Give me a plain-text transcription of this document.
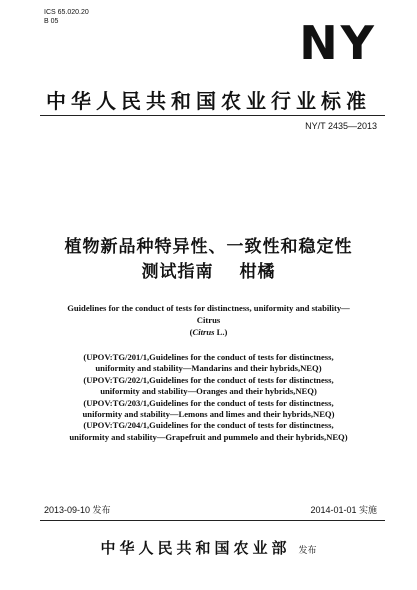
ICS 65.020.20
B 05	NY
中华人民共和国农业行业标准
NY/T 2435—2013
植物新品种特异性、一致性和稳定性
测试指南 柑橘
Guidelines for the conduct of tests for distinctness, uniformity and stability—
Citrus
(Citrus L.)
(UPOV:TG/201/1,Guidelines for the conduct of tests for distinctness,
uniformity and stability—Mandarins and their hybrids,NEQ)
(UPOV:TG/202/1,Guidelines for the conduct of tests for distinctness,
uniformity and stability—Oranges and their hybrids,NEQ)
(UPOV:TG/203/1,Guidelines for the conduct of tests for distinctness,
uniformity and stability—Lemons and limes and their hybrids,NEQ)
(UPOV:TG/204/1,Guidelines for the conduct of tests for distinctness,
uniformity and stability—Grapefruit and pummelo and their hybrids,NEQ)
2013-09-10 发布	2014-01-01 实施
中华人民共和国农业部 发布
